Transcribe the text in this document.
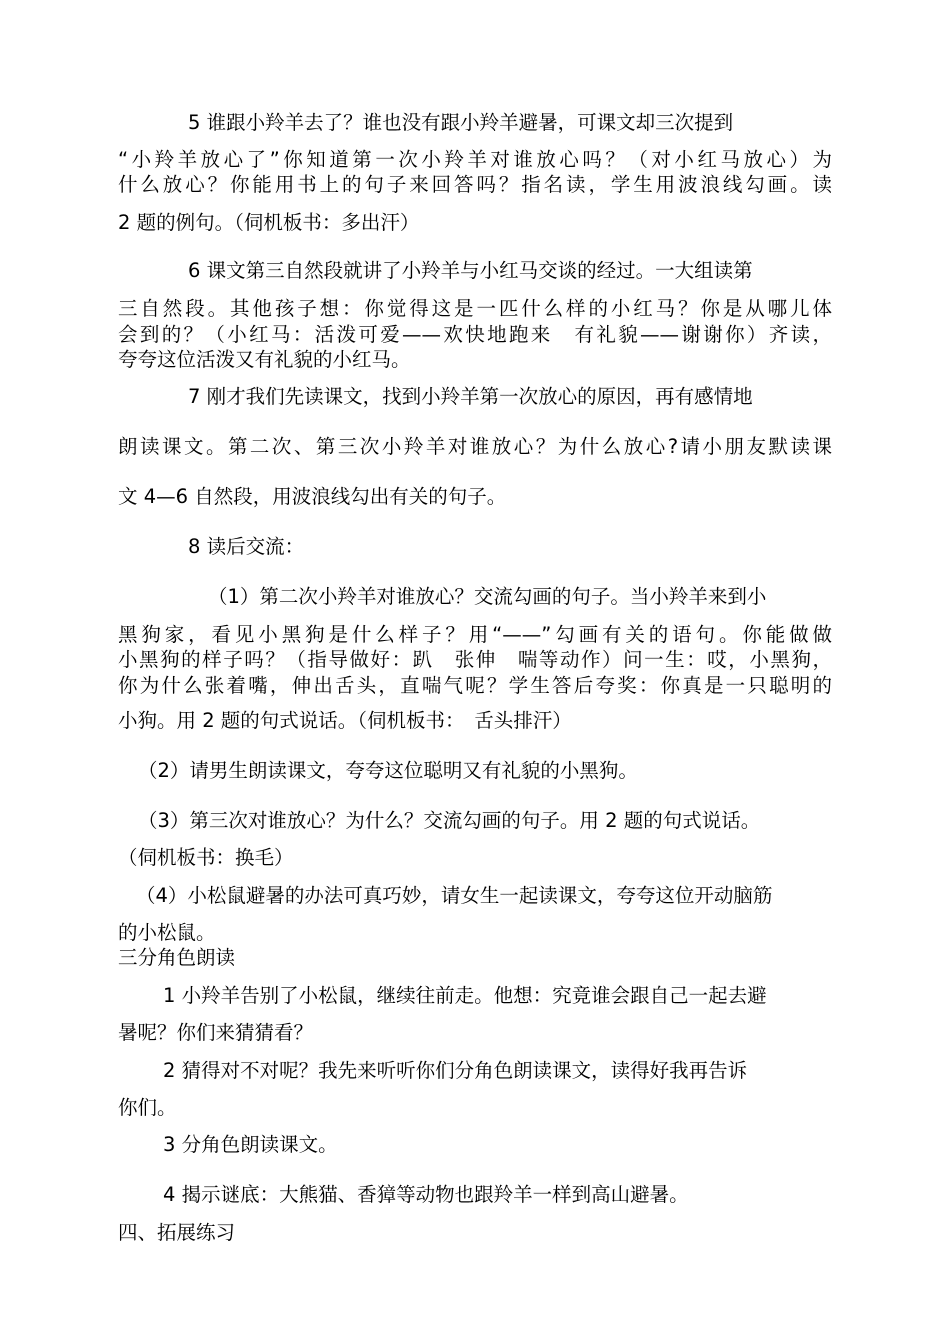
5 谁跟小羚羊去了？谁也没有跟小羚羊避暑，可课文却三次提到
“小羚羊放心了”你知道第一次小羚羊对谁放心吗？（对小红马放心）为
什么放心？你能用书上的句子来回答吗？指名读，学生用波浪线勾画。读
2 题的例句。（伺机板书：多出汗）
6 课文第三自然段就讲了小羚羊与小红马交谈的经过。一大组读第
三自然段。其他孩子想：你觉得这是一匹什么样的小红马？你是从哪儿体
会到的？（小红马：活泼可爱——欢快地跑来　有礼貌——谢谢你）齐读，
夸夸这位活泼又有礼貌的小红马。
7 刚才我们先读课文，找到小羚羊第一次放心的原因，再有感情地
朗读课文。第二次、第三次小羚羊对谁放心？为什么放心?请小朋友默读课
文 4—6 自然段，用波浪线勾出有关的句子。
8 读后交流：
（1）第二次小羚羊对谁放心？交流勾画的句子。当小羚羊来到小
黑狗家，看见小黑狗是什么样子？用“——”勾画有关的语句。你能做做
小黑狗的样子吗？（指导做好：趴　张伸　喘等动作）问一生：哎，小黑狗，
你为什么张着嘴，伸出舌头，直喘气呢？学生答后夸奖：你真是一只聪明的
小狗。用 2 题的句式说话。（伺机板书：　舌头排汗）
（2）请男生朗读课文，夸夸这位聪明又有礼貌的小黑狗。
（3）第三次对谁放心？为什么？交流勾画的句子。用 2 题的句式说话。
（伺机板书：换毛）
（4）小松鼠避暑的办法可真巧妙，请女生一起读课文，夸夸这位开动脑筋
的小松鼠。
三分角色朗读
1 小羚羊告别了小松鼠，继续往前走。他想：究竟谁会跟自己一起去避
暑呢？你们来猜猜看？
2 猜得对不对呢？我先来听听你们分角色朗读课文，读得好我再告诉
你们。
3 分角色朗读课文。
4 揭示谜底：大熊猫、香獐等动物也跟羚羊一样到高山避暑。
四、拓展练习
